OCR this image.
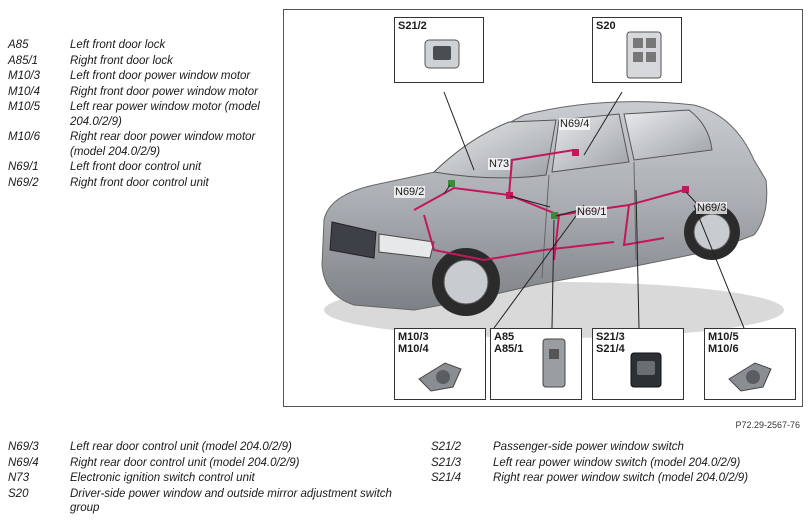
A85	Left front door lock
A85/1	Right front door lock
M10/3	Left front door power window motor
M10/4	Right front door power window motor
M10/5	Left rear power window motor (model 204.0/2/9)
M10/6	Right rear door power window motor (model 204.0/2/9)
N69/1	Left front door control unit
N69/2	Right front door control unit
N69/3	Left rear door control unit (model 204.0/2/9)
N69/4	Right rear door control unit (model 204.0/2/9)
N73	Electronic ignition switch control unit
S20	Driver-side power window and outside mirror adjustment switch group
S21/2	Passenger-side power window switch
S21/3	Left rear power window switch (model 204.0/2/9)
S21/4	Right rear power window switch (model 204.0/2/9)
S21/2	S20
M10/3
M10/4
A85
A85/1
S21/3
S21/4
M10/5
M10/6
N69/4
N73
N69/2
N69/1	N69/3
P72.29-2567-76
